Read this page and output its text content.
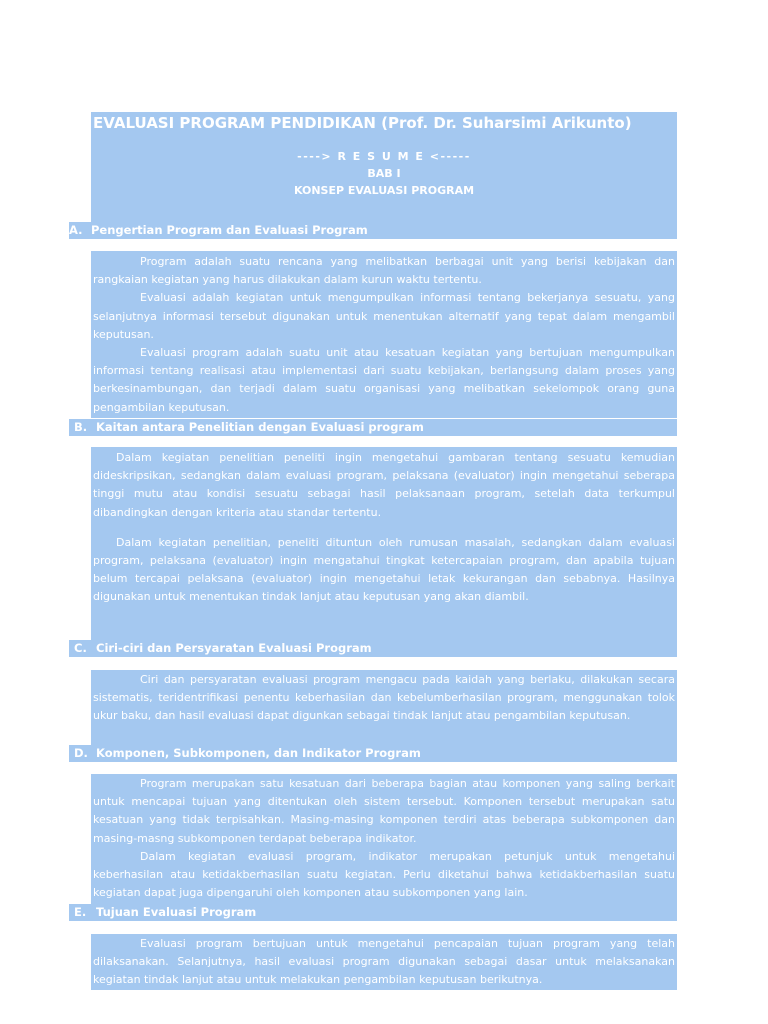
EVALUASI PROGRAM PENDIDIKAN (Prof. Dr. Suharsimi Arikunto)
----> R E S U M E <-----
BAB I
KONSEP EVALUASI PROGRAM
A. Pengertian Program dan Evaluasi Program

Program adalah suatu rencana yang melibatkan berbagai unit yang berisi kebijakan dan rangkaian kegiatan yang harus dilakukan dalam kurun waktu tertentu.

Evaluasi adalah kegiatan untuk mengumpulkan informasi tentang bekerjanya sesuatu, yang selanjutnya informasi tersebut digunakan untuk menentukan alternatif yang tepat dalam mengambil keputusan.

Evaluasi program adalah suatu unit atau kesatuan kegiatan yang bertujuan mengumpulkan informasi tentang realisasi atau implementasi dari suatu kebijakan, berlangsung dalam proses yang berkesinambungan, dan terjadi dalam suatu organisasi yang melibatkan sekelompok orang guna pengambilan keputusan.

B. Kaitan antara Penelitian dengan Evaluasi program

Dalam kegiatan penelitian peneliti ingin mengetahui gambaran tentang sesuatu kemudian dideskripsikan, sedangkan dalam evaluasi program, pelaksana (evaluator) ingin mengetahui seberapa tinggi mutu atau kondisi sesuatu sebagai hasil pelaksanaan program, setelah data terkumpul dibandingkan dengan kriteria atau standar tertentu.

Dalam kegiatan penelitian, peneliti dituntun oleh rumusan masalah, sedangkan dalam evaluasi program, pelaksana (evaluator) ingin mengatahui tingkat ketercapaian program, dan apabila tujuan belum tercapai pelaksana (evaluator) ingin mengetahui letak kekurangan dan sebabnya. Hasilnya digunakan untuk menentukan tindak lanjut atau keputusan yang akan diambil.

C. Ciri-ciri dan Persyaratan Evaluasi Program

Ciri dan persyaratan evaluasi program mengacu pada kaidah yang berlaku, dilakukan secara sistematis, teridentrifikasi penentu keberhasilan dan kebelumberhasilan program, menggunakan tolok ukur baku, dan hasil evaluasi dapat digunkan sebagai tindak lanjut atau pengambilan keputusan.

D. Komponen, Subkomponen, dan Indikator Program

Program merupakan satu kesatuan dari beberapa bagian atau komponen yang saling berkait untuk mencapai tujuan yang ditentukan oleh sistem tersebut. Komponen tersebut merupakan satu kesatuan yang tidak terpisahkan. Masing-masing komponen terdiri atas beberapa subkomponen dan masing-masng subkomponen terdapat beberapa indikator.

Dalam kegiatan evaluasi program, indikator merupakan petunjuk untuk mengetahui keberhasilan atau ketidakberhasilan suatu kegiatan. Perlu diketahui bahwa ketidakberhasilan suatu kegiatan dapat juga dipengaruhi oleh komponen atau subkomponen yang lain.

E. Tujuan Evaluasi Program

Evaluasi program bertujuan untuk mengetahui pencapaian tujuan program yang telah dilaksanakan. Selanjutnya, hasil evaluasi program digunakan sebagai dasar untuk melaksanakan kegiatan tindak lanjut atau untuk melakukan pengambilan keputusan berikutnya.
